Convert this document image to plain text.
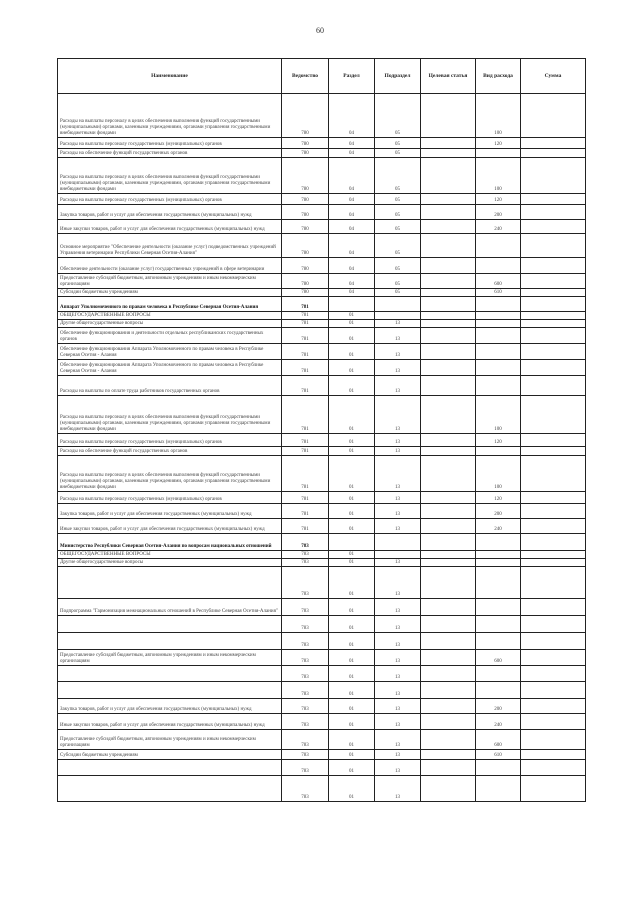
60
Наименование	Ведомство	Раздел	Подраздел	Целевая статья	Вид расхода	Сумма
Расходы на выплаты персоналу в целях обеспечения выполнения функций государственными (муниципальными) органами, казенными учреждениями, органами управления государственными внебюджетными фондами	780	04	05		100	
Расходы на выплаты персоналу государственных (муниципальных) органов	780	04	05		120	
Расходы на обеспечение функций государственных органов	780	04	05			
Расходы на выплаты персоналу в целях обеспечения выполнения функций государственными (муниципальными) органами, казенными учреждениями, органами управления государственными внебюджетными фондами	780	04	05		100	
Расходы на выплаты персоналу государственных (муниципальных) органов	780	04	05		120	
Закупка товаров, работ и услуг для обеспечения государственных (муниципальных) нужд	780	04	05		200	
Иные закупки товаров, работ и услуг для обеспечения государственных (муниципальных) нужд	780	04	05		240	
Основное мероприятие "Обеспечение деятельности (оказание услуг) подведомственных учреждений Управления ветеринарии Республики Северная Осетия-Алания"	780	04	05			
Обеспечение деятельности (оказание услуг) государственных учреждений в сфере ветеринарии	780	04	05			
Предоставление субсидий бюджетным, автономным учреждениям и иным некоммерческим организациям	780	04	05		600	
Субсидии бюджетным учреждениям	780	04	05		610	
Аппарат Уполномоченного по правам человека в Республике Северная Осетия-Алания	781					
ОБЩЕГОСУДАРСТВЕННЫЕ ВОПРОСЫ	781	01				
Другие общегосударственные вопросы	781	01	13			
Обеспечение функционирования и деятельности отдельных республиканских государственных органов	781	01	13			
Обеспечение функционирования Аппарата Уполномоченного по правам человека в Республике Северная Осетия - Алания	781	01	13			
Обеспечение функционирования Аппарата Уполномоченного по правам человека в Республике Северная Осетия - Алания	781	01	13			
Расходы на выплаты по оплате труда работников государственных органов	781	01	13			
Расходы на выплаты персоналу в целях обеспечения выполнения функций государственными (муниципальными) органами, казенными учреждениями, органами управления государственными внебюджетными фондами	781	01	13		100	
Расходы на выплаты персоналу государственных (муниципальных) органов	781	01	13		120	
Расходы на обеспечение функций государственных органов	781	01	13			
Расходы на выплаты персоналу в целях обеспечения выполнения функций государственными (муниципальными) органами, казенными учреждениями, органами управления государственными внебюджетными фондами	781	01	13		100	
Расходы на выплаты персоналу государственных (муниципальных) органов	781	01	13		120	
Закупка товаров, работ и услуг для обеспечения государственных (муниципальных) нужд	781	01	13		200	
Иные закупки товаров, работ и услуг для обеспечения государственных (муниципальных) нужд	781	01	13		240	
Министерство Республики Северная Осетия-Алания по вопросам национальных отношений	783					
ОБЩЕГОСУДАРСТВЕННЫЕ ВОПРОСЫ	783	01				
Другие общегосударственные вопросы	783	01	13			
	783	01	13			
Подпрограмма "Гармонизация межнациональных отношений в Республике Северная Осетия-Алания"	783	01	13			
	783	01	13			
	783	01	13			
Предоставление субсидий бюджетным, автономным учреждениям и иным некоммерческим организациям	783	01	13		600	
	783	01	13			
	783	01	13			
Закупка товаров, работ и услуг для обеспечения государственных (муниципальных) нужд	783	01	13		200	
Иные закупки товаров, работ и услуг для обеспечения государственных (муниципальных) нужд	783	01	13		240	
Предоставление субсидий бюджетным, автономным учреждениям и иным некоммерческим организациям	783	01	13		600	
Субсидии бюджетным учреждениям	783	01	13		610	
	783	01	13			
	783	01	13			
